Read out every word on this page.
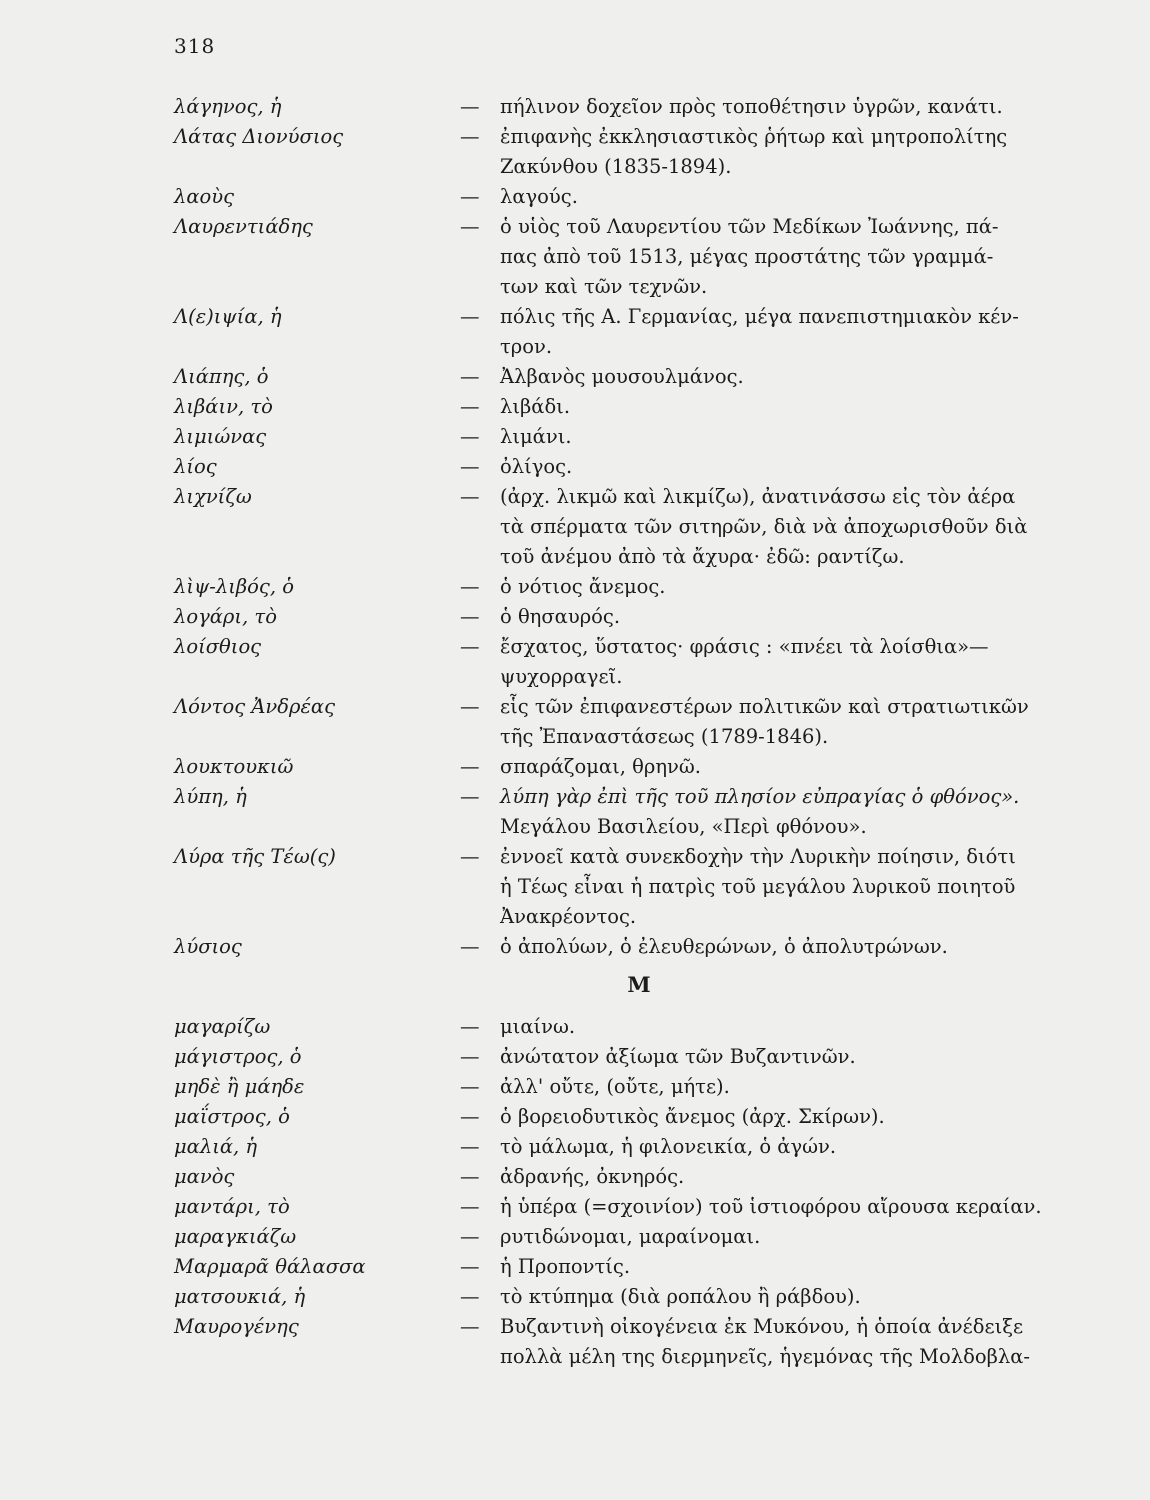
318
λάγηνος, ἡ	—	πήλινον δοχεῖον πρὸς τοποθέτησιν ὑγρῶν, κανάτι.
Λάτας Διονύσιος	—	ἐπιφανὴς ἐκκλησιαστικὸς ῥήτωρ καὶ μητροπολίτης
Ζακύνθου (1835-1894).
λαοὺς	—	λαγούς.
Λαυρεντιάδης	—	ὁ υἱὸς τοῦ Λαυρεντίου τῶν Μεδίκων Ἰωάννης, πά-
πας ἀπὸ τοῦ 1513, μέγας προστάτης τῶν γραμμά-
των καὶ τῶν τεχνῶν.
Λ(ε)ιψία, ἡ	—	πόλις τῆς Α. Γερμανίας, μέγα πανεπιστημιακὸν κέν-
τρον.
Λιάπης, ὁ	—	Ἀλβανὸς μουσουλμάνος.
λιβάιν, τὸ	—	λιβάδι.
λιμιώνας	—	λιμάνι.
λίος	—	ὀλίγος.
λιχνίζω	—	(ἀρχ. λικμῶ καὶ λικμίζω), ἀνατινάσσω εἰς τὸν ἀέρα
τὰ σπέρματα τῶν σιτηρῶν, διὰ νὰ ἀποχωρισθοῦν διὰ
τοῦ ἀνέμου ἀπὸ τὰ ἄχυρα· ἐδῶ: ραντίζω.
λὶψ-λιβός, ὁ	—	ὁ νότιος ἄνεμος.
λογάρι, τὸ	—	ὁ θησαυρός.
λοίσθιος	—	ἔσχατος, ὕστατος· φράσις : «πνέει τὰ λοίσθια»—
ψυχορραγεῖ.
Λόντος Ἀνδρέας	—	εἷς τῶν ἐπιφανεστέρων πολιτικῶν καὶ στρατιωτικῶν
τῆς Ἐπαναστάσεως (1789-1846).
λουκτουκιῶ	—	σπαράζομαι, θρηνῶ.
λύπη, ἡ	—	λύπη γὰρ ἐπὶ τῆς τοῦ πλησίον εὐπραγίας ὁ φθόνος».
Μεγάλου Βασιλείου, «Περὶ φθόνου».
Λύρα τῆς Τέω(ς)	—	ἐννοεῖ κατὰ συνεκδοχὴν τὴν Λυρικὴν ποίησιν, διότι
ἡ Τέως εἶναι ἡ πατρὶς τοῦ μεγάλου λυρικοῦ ποιητοῦ
Ἀνακρέοντος.
λύσιος	—	ὁ ἀπολύων, ὁ ἐλευθερώνων, ὁ ἀπολυτρώνων.
Μ
μαγαρίζω	—	μιαίνω.
μάγιστρος, ὁ	—	ἀνώτατον ἀξίωμα τῶν Βυζαντινῶν.
μηδὲ ἢ μάηδε	—	ἀλλ' οὔτε, (οὔτε, μήτε).
μαΐστρος, ὁ	—	ὁ βορειοδυτικὸς ἄνεμος (ἀρχ. Σκίρων).
μαλιά, ἡ	—	τὸ μάλωμα, ἡ φιλονεικία, ὁ ἀγών.
μανὸς	—	ἀδρανής, ὀκνηρός.
μαντάρι, τὸ	—	ἡ ὑπέρα (=σχοινίον) τοῦ ἱστιοφόρου αἴρουσα κεραίαν.
μαραγκιάζω	—	ρυτιδώνομαι, μαραίνομαι.
Μαρμαρᾶ θάλασσα	—	ἡ Προποντίς.
ματσουκιά, ἡ	—	τὸ κτύπημα (διὰ ροπάλου ἢ ράβδου).
Μαυρογένης	—	Βυζαντινὴ οἰκογένεια ἐκ Μυκόνου, ἡ ὁποία ἀνέδειξε
πολλὰ μέλη της διερμηνεῖς, ἡγεμόνας τῆς Μολδοβλα-
